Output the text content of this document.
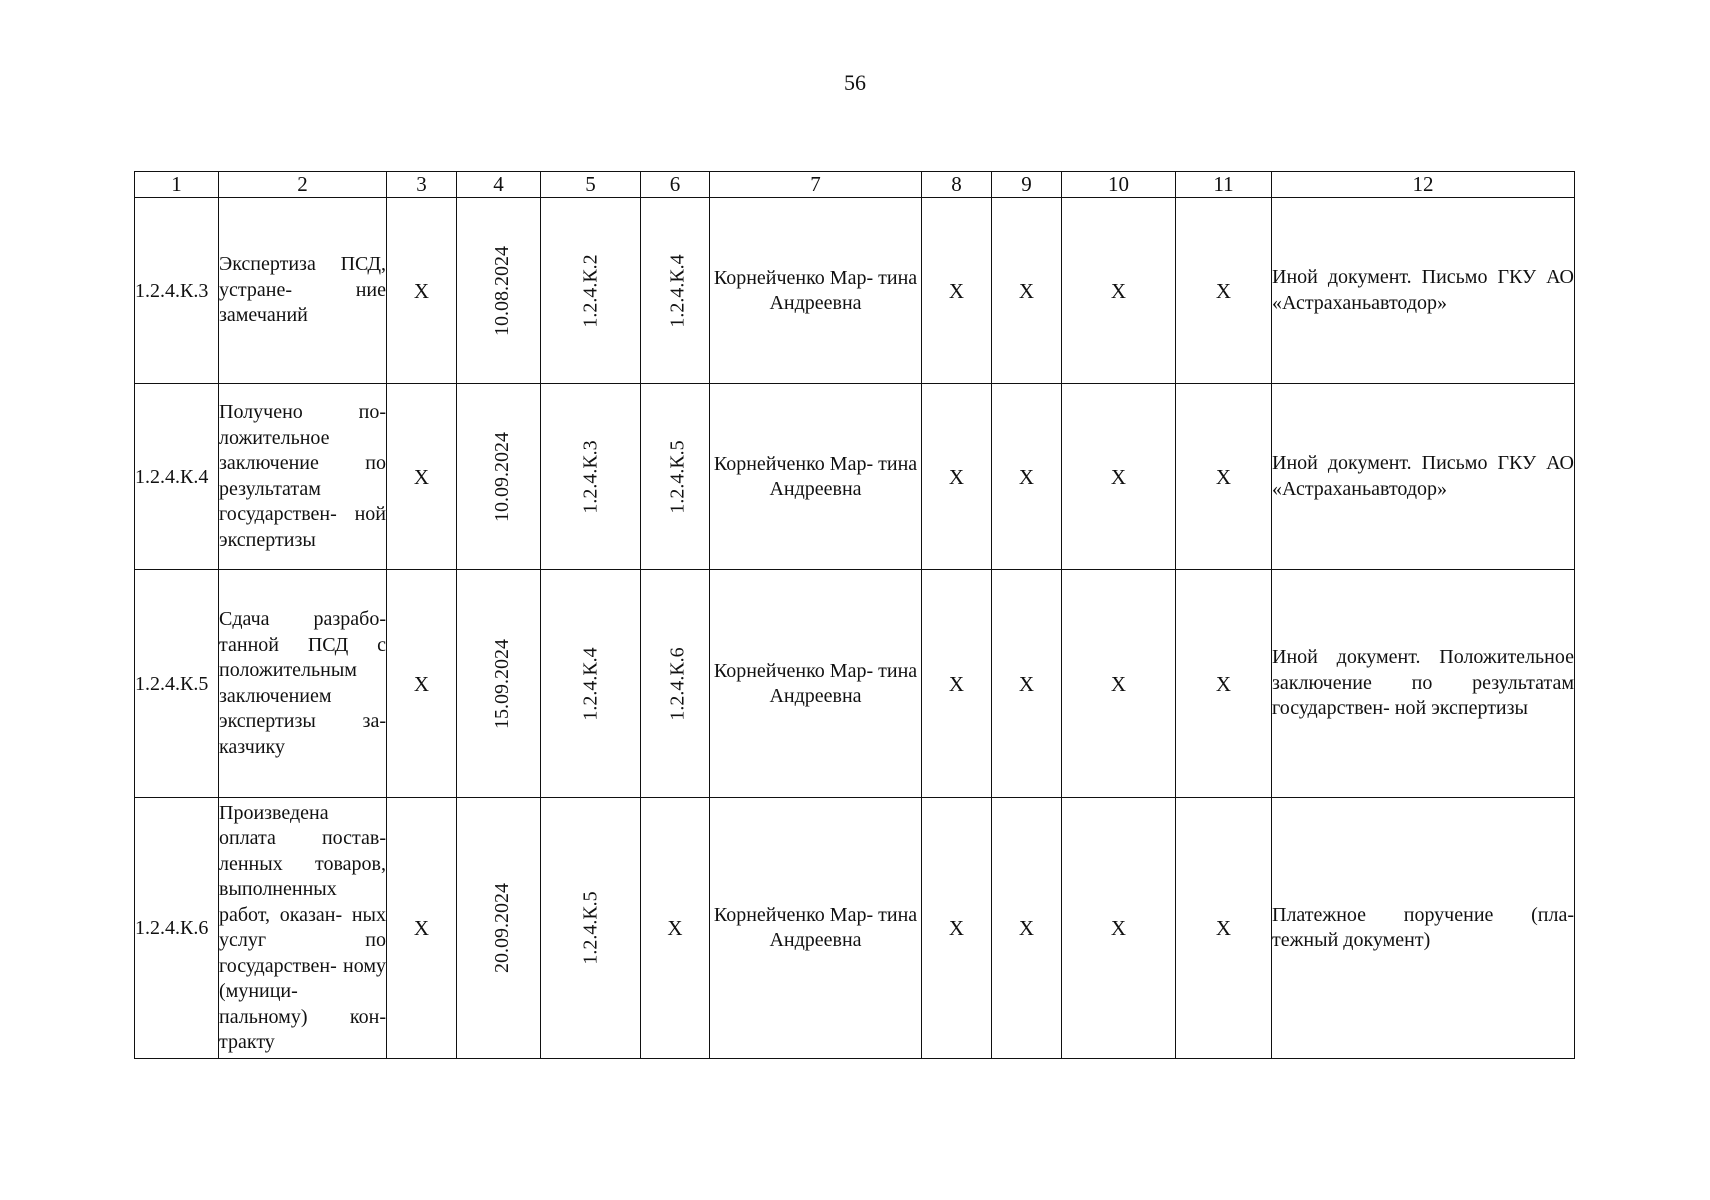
56
1	2	3	4	5	6	7	8	9	10	11	12
1.2.4.К.3	Экспертиза ПСД, устране- ние замечаний	Х	10.08.2024	1.2.4.К.2	1.2.4.К.4	Корнейченко Мар- тина Андреевна	Х	Х	Х	Х	Иной документ. Письмо ГКУ АО «Астраханьавтодор»
1.2.4.К.4	Получено по- ложительное заключение по результатам государствен- ной экспертизы	Х	10.09.2024	1.2.4.К.3	1.2.4.К.5	Корнейченко Мар- тина Андреевна	Х	Х	Х	Х	Иной документ. Письмо ГКУ АО «Астраханьавтодор»
1.2.4.К.5	Сдача разрабо- танной ПСД с положительным заключением экспертизы за- казчику	Х	15.09.2024	1.2.4.К.4	1.2.4.К.6	Корнейченко Мар- тина Андреевна	Х	Х	Х	Х	Иной документ. Положительное заключение по результатам государствен- ной экспертизы
1.2.4.К.6	Произведена оплата постав- ленных товаров, выполненных работ, оказан- ных услуг по государствен- ному (муници- пальному) кон- тракту	Х	20.09.2024	1.2.4.К.5	Х	Корнейченко Мар- тина Андреевна	Х	Х	Х	Х	Платежное поручение (пла- тежный документ)
